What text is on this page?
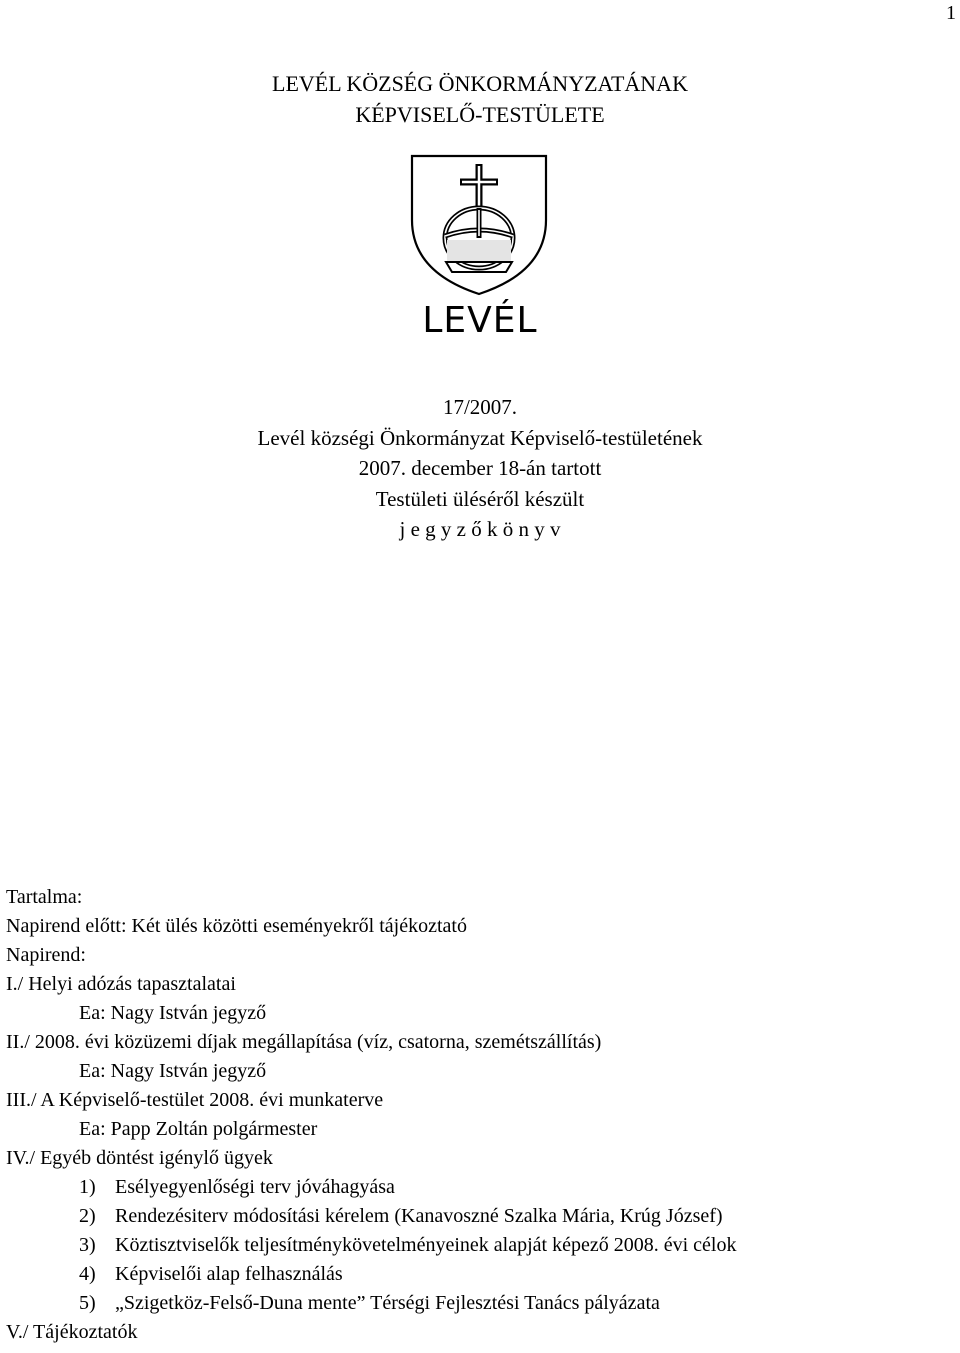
1
LEVÉL KÖZSÉG ÖNKORMÁNYZATÁNAK
KÉPVISELŐ-TESTÜLETE
LEVÉL
17/2007.
Levél községi Önkormányzat Képviselő-testületének
2007. december 18-án tartott
Testületi üléséről készült
j e g y z ő k ö n y v
Tartalma:
Napirend előtt: Két ülés közötti eseményekről tájékoztató
Napirend:
I./ Helyi adózás tapasztalatai
Ea: Nagy István jegyző
II./ 2008. évi közüzemi díjak megállapítása (víz, csatorna, szemétszállítás)
Ea: Nagy István jegyző
III./ A Képviselő-testület 2008. évi munkaterve
Ea: Papp Zoltán polgármester
IV./ Egyéb döntést igénylő ügyek
1) Esélyegyenlőségi terv jóváhagyása
2) Rendezésiterv módosítási kérelem (Kanavoszné Szalka Mária, Krúg József)
3) Köztisztviselők teljesítménykövetelményeinek alapját képező 2008. évi célok
4) Képviselői alap felhasználás
5) „Szigetköz-Felső-Duna mente” Térségi Fejlesztési Tanács pályázata
V./ Tájékoztatók
